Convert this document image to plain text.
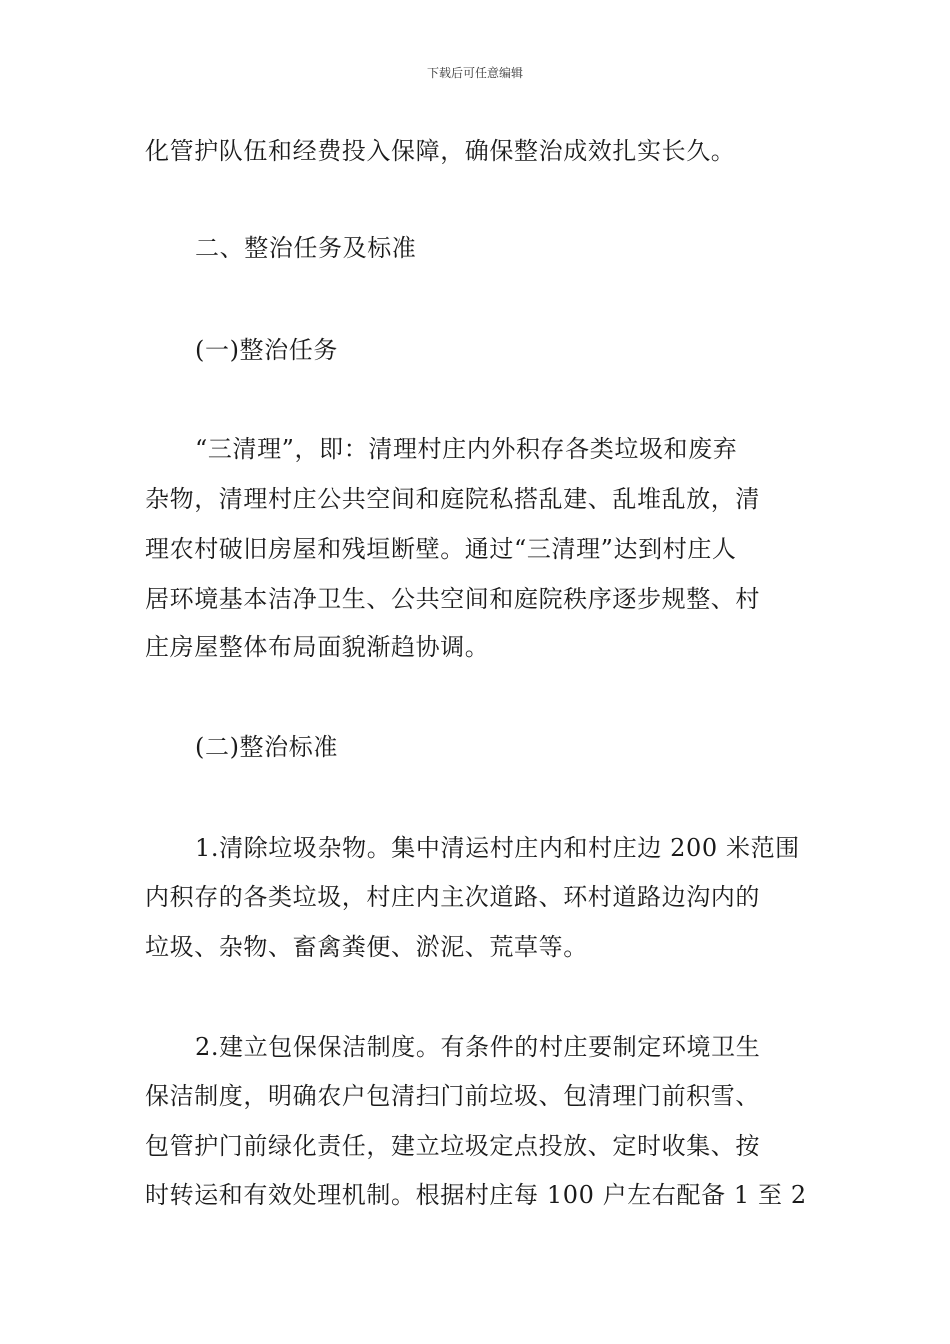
下载后可任意编辑
化管护队伍和经费投入保障，确保整治成效扎实长久。
二、整治任务及标准
(一)整治任务
“三清理”，即：清理村庄内外积存各类垃圾和废弃
杂物，清理村庄公共空间和庭院私搭乱建、乱堆乱放，清
理农村破旧房屋和残垣断壁。通过“三清理”达到村庄人
居环境基本洁净卫生、公共空间和庭院秩序逐步规整、村
庄房屋整体布局面貌渐趋协调。
(二)整治标准
1.清除垃圾杂物。集中清运村庄内和村庄边 200 米范围
内积存的各类垃圾，村庄内主次道路、环村道路边沟内的
垃圾、杂物、畜禽粪便、淤泥、荒草等。
2.建立包保保洁制度。有条件的村庄要制定环境卫生
保洁制度，明确农户包清扫门前垃圾、包清理门前积雪、
包管护门前绿化责任，建立垃圾定点投放、定时收集、按
时转运和有效处理机制。根据村庄每 100 户左右配备 1 至 2
